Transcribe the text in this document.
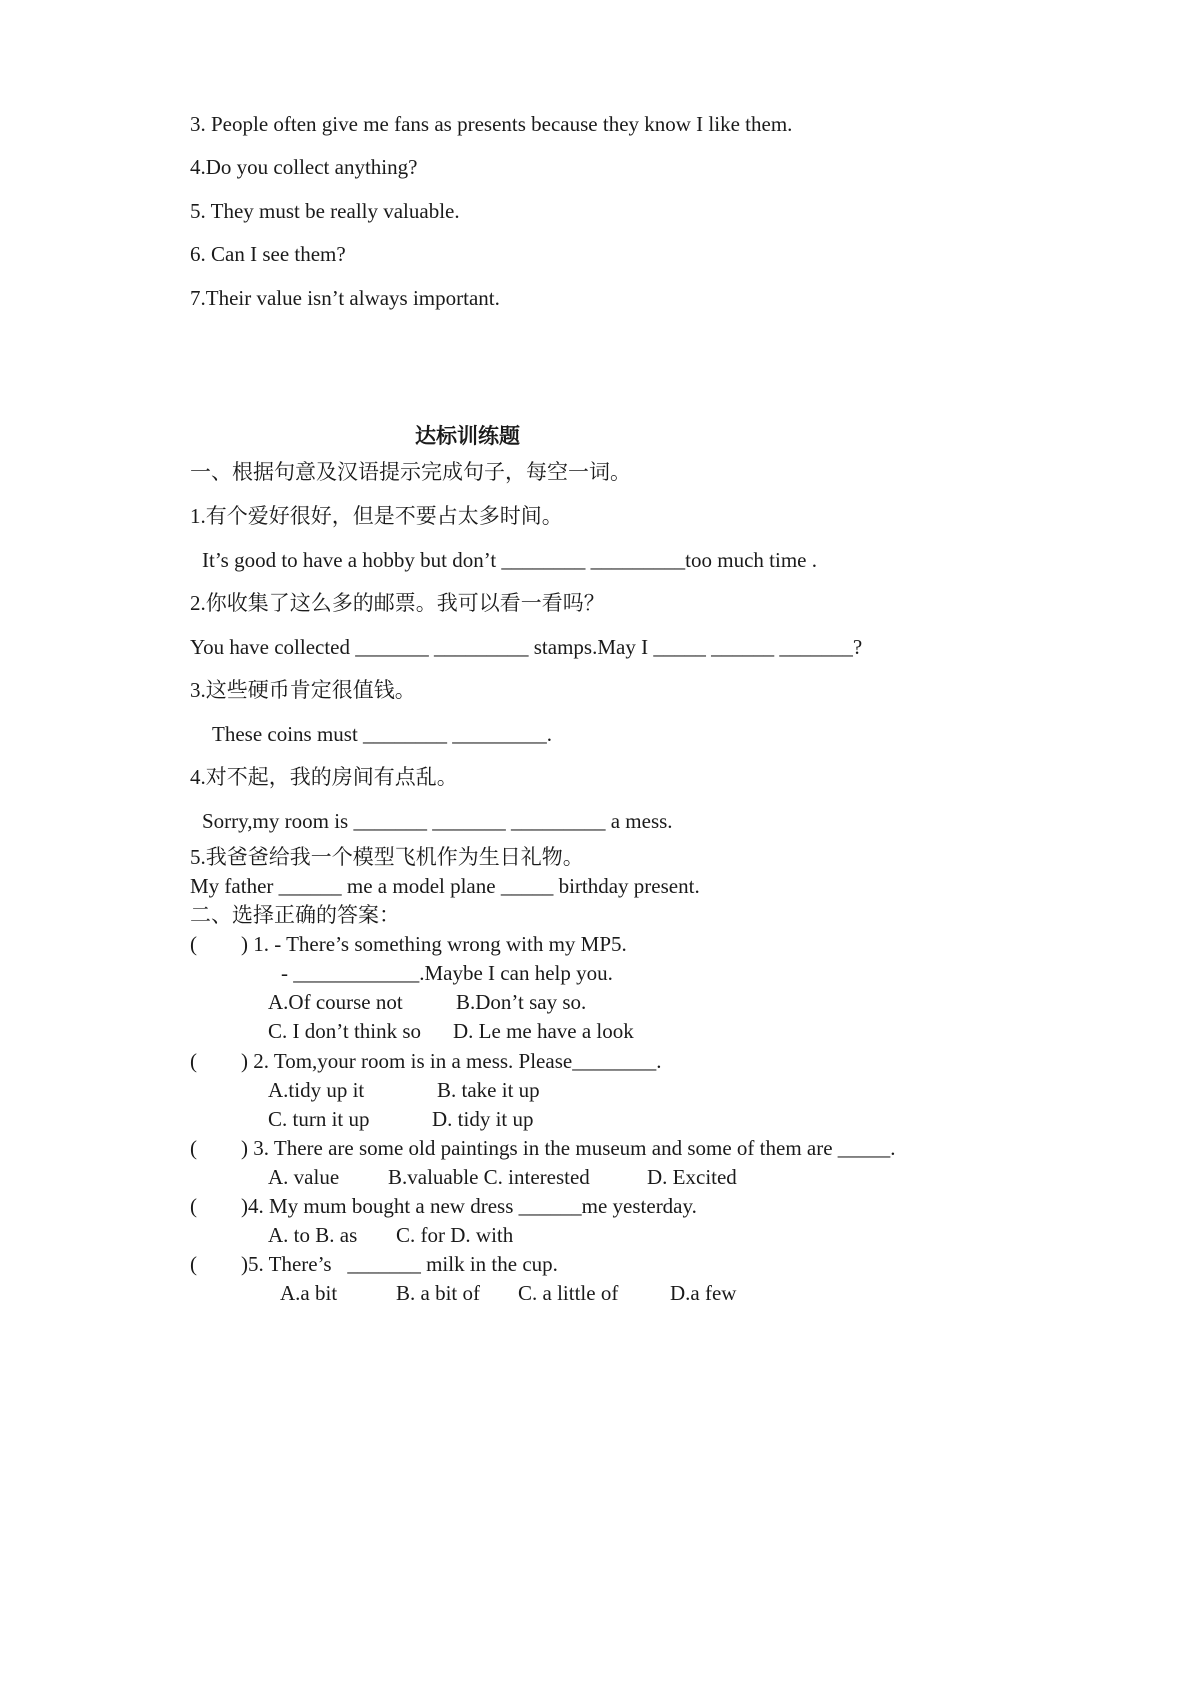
3. People often give me fans as presents because they know I like them.
4.Do you collect anything?
5. They must be really valuable.
6. Can I see them?
7.Their value isn’t always important.
达标训练题
一、根据句意及汉语提示完成句子，每空一词。
1.有个爱好很好，但是不要占太多时间。
It’s good to have a hobby but don’t ________ _________too much time .
2.你收集了这么多的邮票。我可以看一看吗？
You have collected _______ _________ stamps.May I _____ ______ _______?
3.这些硬币肯定很值钱。
These coins must ________ _________.
4.对不起，我的房间有点乱。
Sorry,my room is _______ _______ _________ a mess.
5.我爸爸给我一个模型飞机作为生日礼物。
My father ______ me a model plane _____ birthday present.
二、选择正确的答案：
( ) 1. - There’s something wrong with my MP5.
- ____________.Maybe I can help you.
A.Of course not	B.Don’t say so.
C. I don’t think so D. Le me have a look
( ) 2. Tom,your room is in a mess. Please________.
A.tidy up it	B. take it up
C. turn it up	D. tidy it up
( ) 3. There are some old paintings in the museum and some of them are _____.
A. value B.valuable C. interested	D. Excited
( )4. My mum bought a new dress ______me yesterday.
A. to B. as C. for D. with
( )5. There’s   _______ milk in the cup.
A.a bit	B. a bit of C. a little of D.a few
